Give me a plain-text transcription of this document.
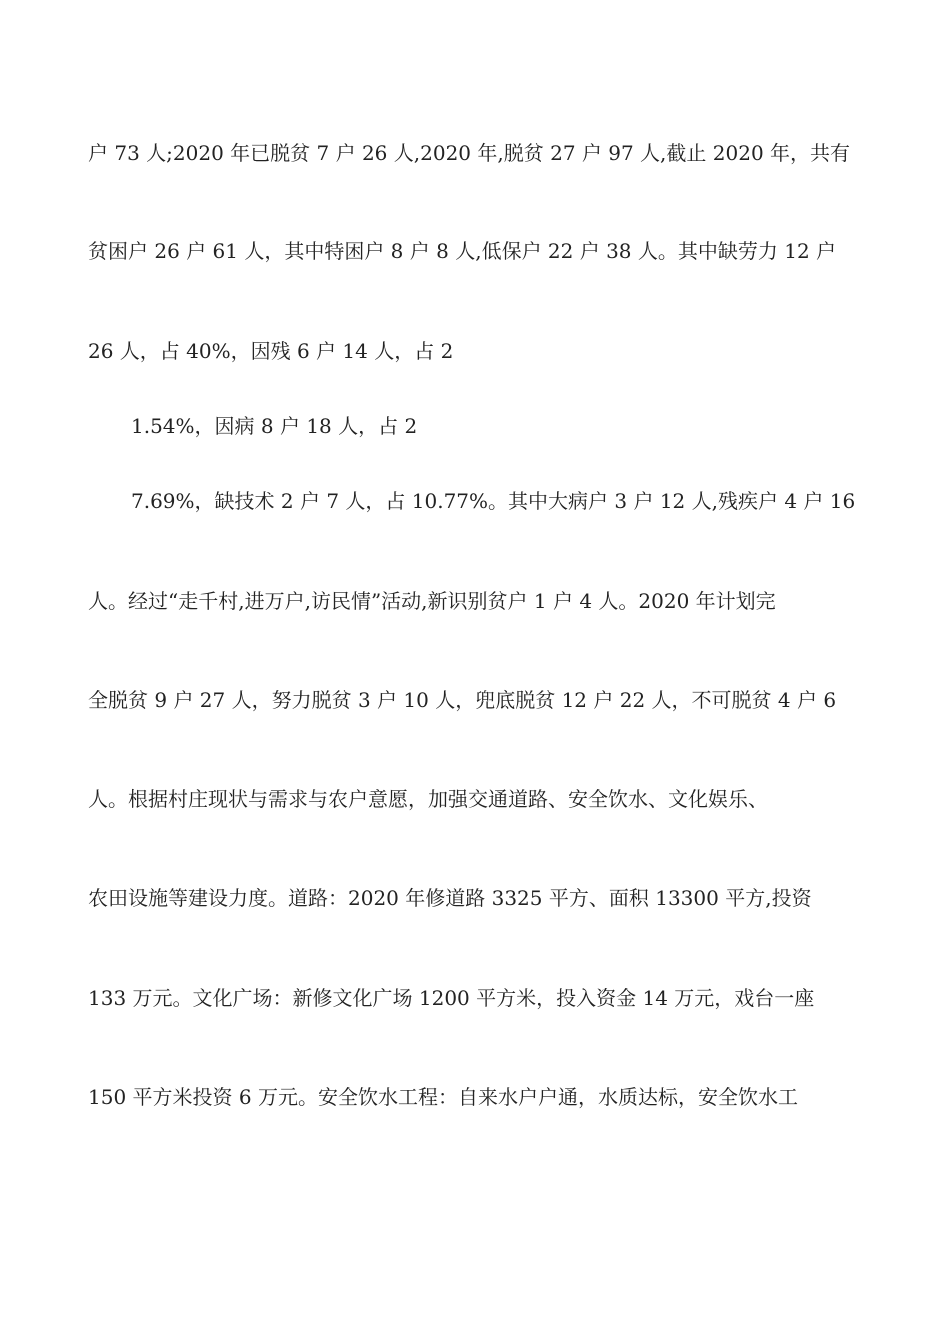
户 73 人;2020 年已脱贫 7 户 26 人,2020 年,脱贫 27 户 97 人,截止 2020 年，共有
贫困户 26 户 61 人，其中特困户 8 户 8 人,低保户 22 户 38 人。其中缺劳力 12 户
26 人，占 40%，因残 6 户 14 人，占 2
1.54%，因病 8 户 18 人，占 2
7.69%，缺技术 2 户 7 人，占 10.77%。其中大病户 3 户 12 人,残疾户 4 户 16
人。经过“走千村,进万户,访民情”活动,新识别贫户 1 户 4 人。2020 年计划完
全脱贫 9 户 27 人，努力脱贫 3 户 10 人，兜底脱贫 12 户 22 人，不可脱贫 4 户 6
人。根据村庄现状与需求与农户意愿，加强交通道路、安全饮水、文化娱乐、
农田设施等建设力度。道路：2020 年修道路 3325 平方、面积 13300 平方,投资
133 万元。文化广场：新修文化广场 1200 平方米，投入资金 14 万元，戏台一座
150 平方米投资 6 万元。安全饮水工程：自来水户户通，水质达标，安全饮水工
